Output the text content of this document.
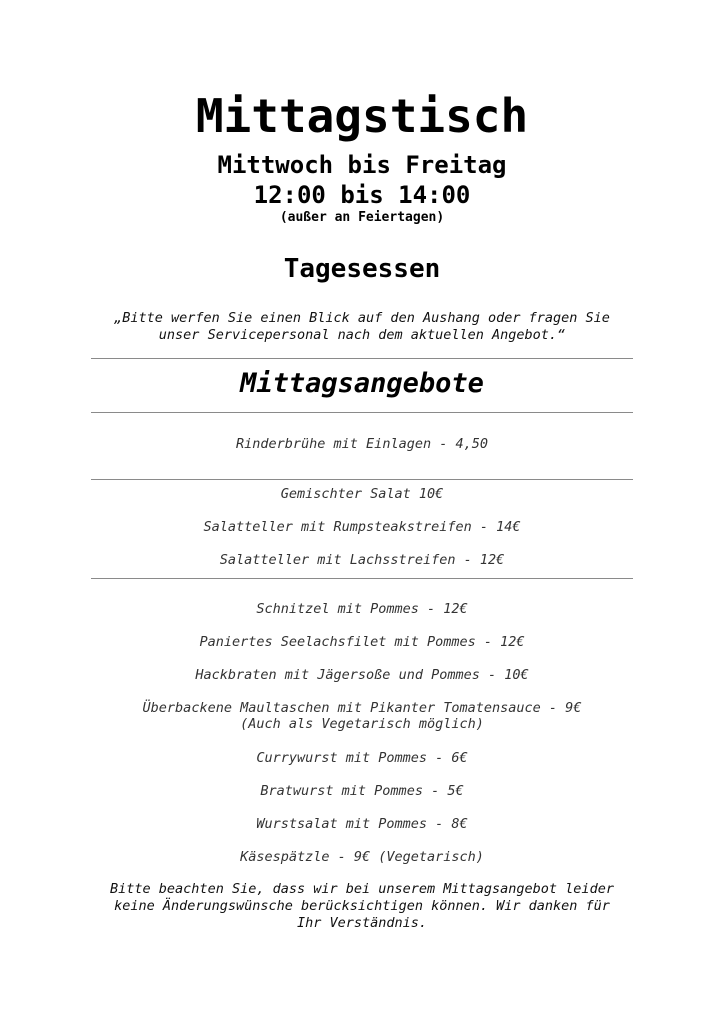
Mittagstisch
Mittwoch bis Freitag
12:00 bis 14:00
(außer an Feiertagen)
Tagesessen
„Bitte werfen Sie einen Blick auf den Aushang oder fragen Sie
unser Servicepersonal nach dem aktuellen Angebot.“
Mittagsangebote
Rinderbrühe mit Einlagen - 4,50
Gemischter Salat 10€
Salatteller mit Rumpsteakstreifen - 14€
Salatteller mit Lachsstreifen - 12€
Schnitzel mit Pommes - 12€
Paniertes Seelachsfilet mit Pommes - 12€
Hackbraten mit Jägersoße und Pommes - 10€
Überbackene Maultaschen mit Pikanter Tomatensauce - 9€
(Auch als Vegetarisch möglich)
Currywurst mit Pommes - 6€
Bratwurst mit Pommes - 5€
Wurstsalat mit Pommes - 8€
Käsespätzle - 9€ (Vegetarisch)
Bitte beachten Sie, dass wir bei unserem Mittagsangebot leider
keine Änderungswünsche berücksichtigen können. Wir danken für
Ihr Verständnis.
